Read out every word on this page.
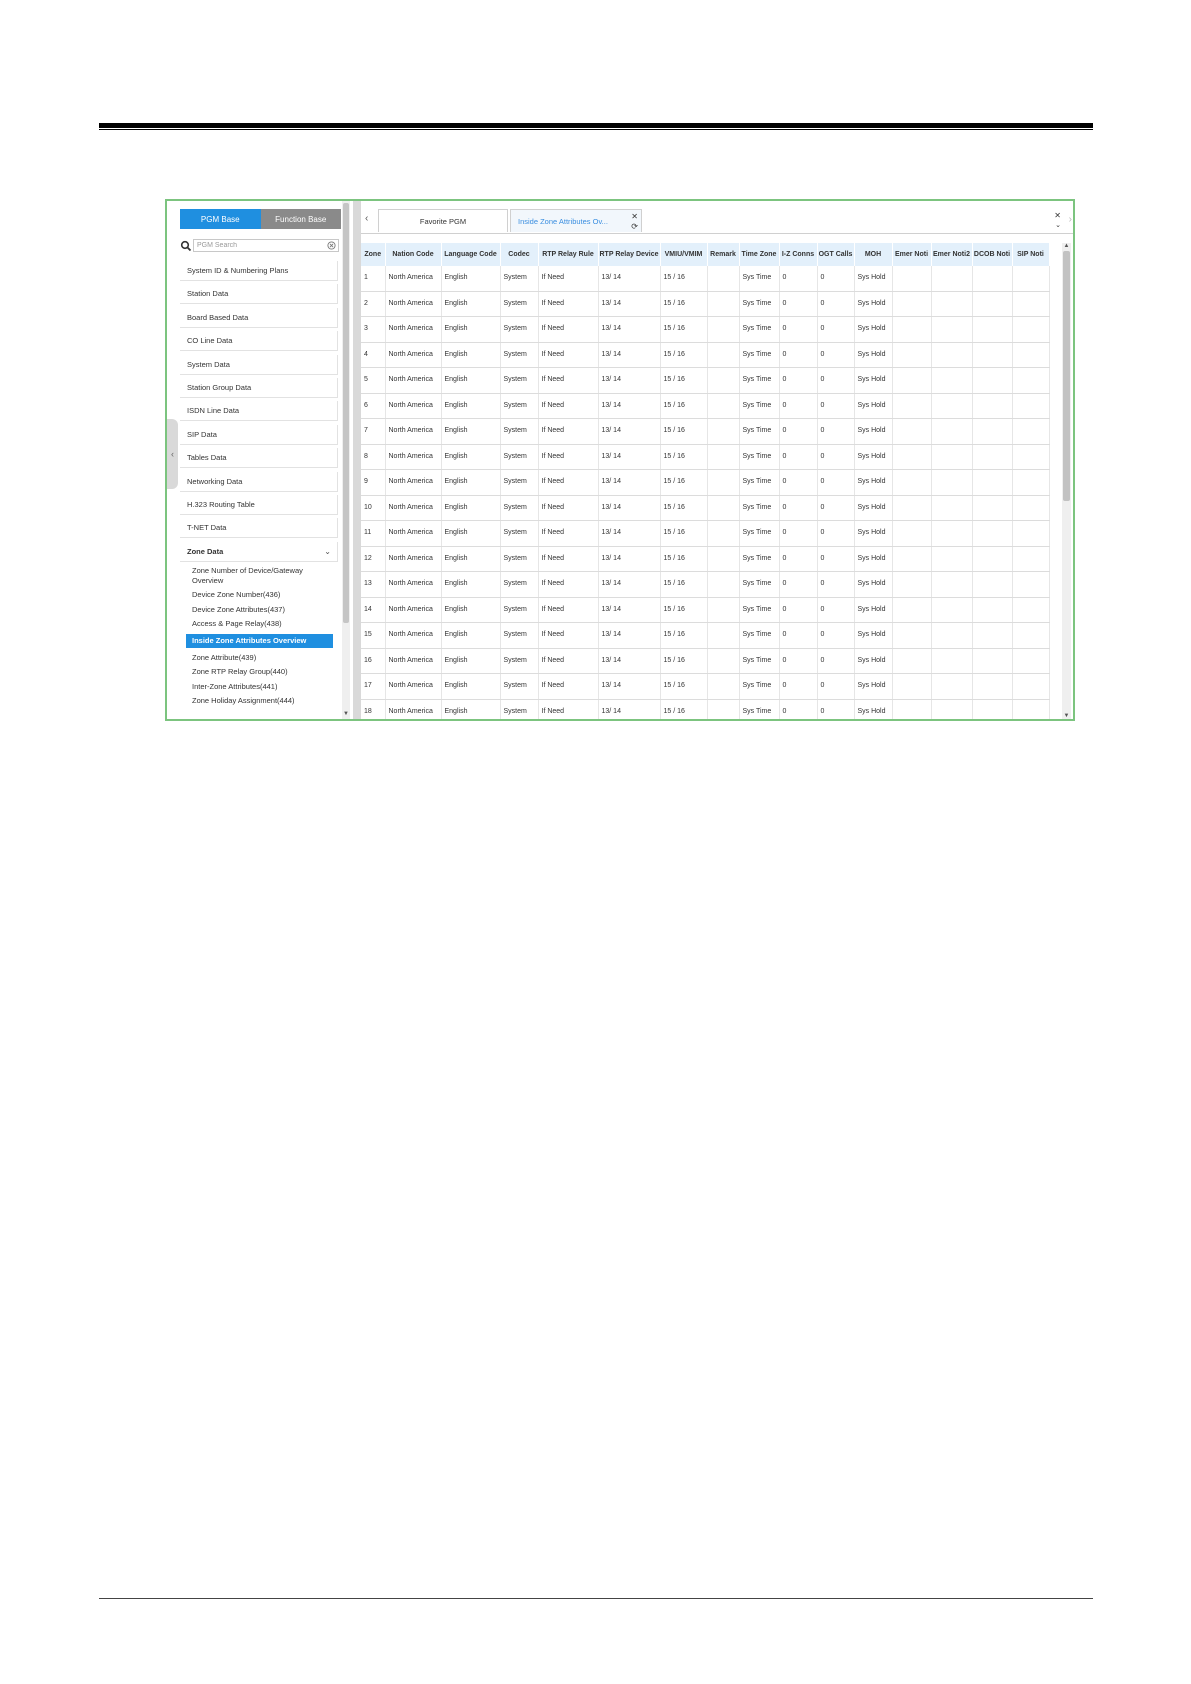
PGM Base	Function Base
PGM Search
System ID & Numbering Plans
Station Data
Board Based Data
CO Line Data
System Data
Station Group Data
ISDN Line Data
SIP Data
Tables Data
Networking Data
H.323 Routing Table
T-NET Data
Zone Data	⌄
Zone Number of Device/Gateway Overview
Device Zone Number(436)
Device Zone Attributes(437)
Access & Page Relay(438)
Inside Zone Attributes Overview
Zone Attribute(439)
Zone RTP Relay Group(440)
Inter-Zone Attributes(441)
Zone Holiday Assignment(444)
▼
‹
‹	Favorite PGM	Inside Zone Attributes Ov...	✕
⟳
✕
⌄
›
Zone	Nation Code	Language Code	Codec	RTP Relay Rule	RTP Relay Device	VMIU/VMIM	Remark	Time Zone	I-Z Conns	OGT Calls	MOH	Emer Noti	Emer Noti2	DCOB Noti	SIP Noti
1	North America	English	System	If Need	13/ 14	15 / 16		Sys Time	0	0	Sys Hold				
2	North America	English	System	If Need	13/ 14	15 / 16		Sys Time	0	0	Sys Hold				
3	North America	English	System	If Need	13/ 14	15 / 16		Sys Time	0	0	Sys Hold				
4	North America	English	System	If Need	13/ 14	15 / 16		Sys Time	0	0	Sys Hold				
5	North America	English	System	If Need	13/ 14	15 / 16		Sys Time	0	0	Sys Hold				
6	North America	English	System	If Need	13/ 14	15 / 16		Sys Time	0	0	Sys Hold				
7	North America	English	System	If Need	13/ 14	15 / 16		Sys Time	0	0	Sys Hold				
8	North America	English	System	If Need	13/ 14	15 / 16		Sys Time	0	0	Sys Hold				
9	North America	English	System	If Need	13/ 14	15 / 16		Sys Time	0	0	Sys Hold				
10	North America	English	System	If Need	13/ 14	15 / 16		Sys Time	0	0	Sys Hold				
11	North America	English	System	If Need	13/ 14	15 / 16		Sys Time	0	0	Sys Hold				
12	North America	English	System	If Need	13/ 14	15 / 16		Sys Time	0	0	Sys Hold				
13	North America	English	System	If Need	13/ 14	15 / 16		Sys Time	0	0	Sys Hold				
14	North America	English	System	If Need	13/ 14	15 / 16		Sys Time	0	0	Sys Hold				
15	North America	English	System	If Need	13/ 14	15 / 16		Sys Time	0	0	Sys Hold				
16	North America	English	System	If Need	13/ 14	15 / 16		Sys Time	0	0	Sys Hold				
17	North America	English	System	If Need	13/ 14	15 / 16		Sys Time	0	0	Sys Hold				
18	North America	English	System	If Need	13/ 14	15 / 16		Sys Time	0	0	Sys Hold				
▲
▼
